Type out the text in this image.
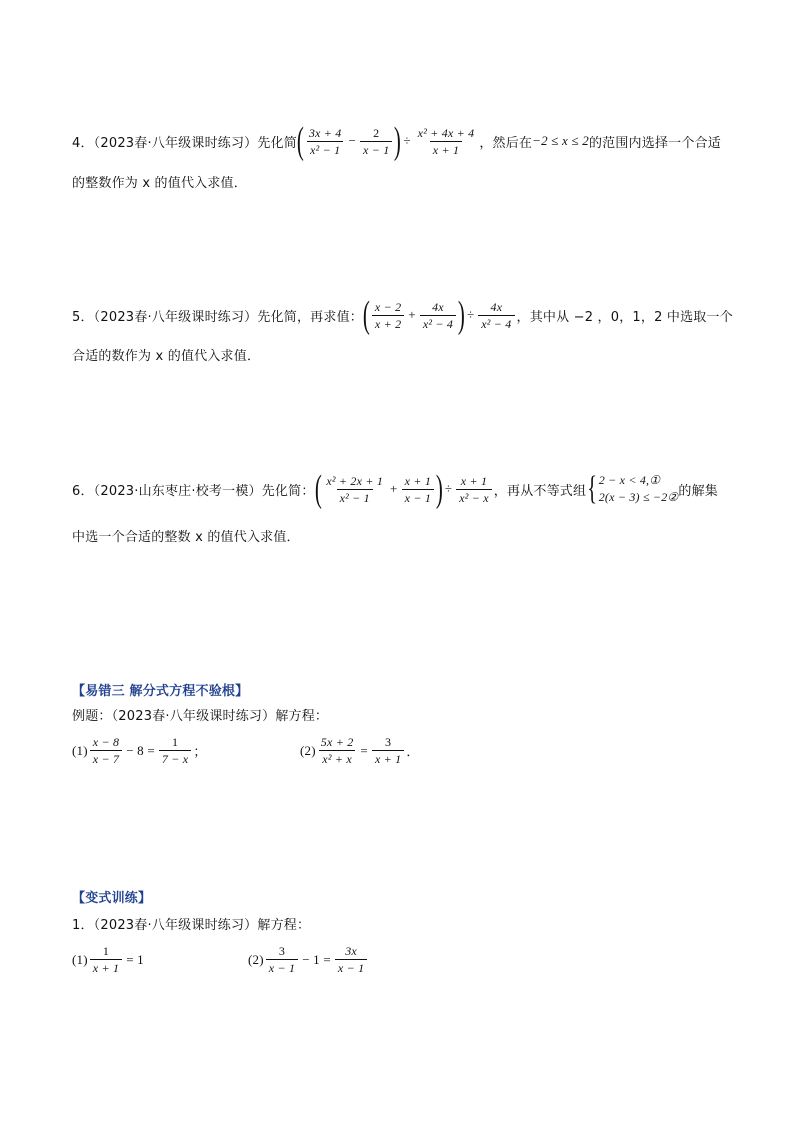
4．（2023春·八年级课时练习）先化简 ( $\frac{3x + 4}{\text{x² − 1}} - \frac{2}{x - 1}$ ) ÷ $\frac{\text{x² + 4x + 4}}{x + 1}$ ，然后在 −2 ≤ x ≤ 2 的范围内选择一个合适
的整数作为 x 的值代入求值．
5．（2023春·八年级课时练习）先化简，再求值： ( $\frac{x - 2}{x + 2} + \frac{4x}{\text{x² − 4}}$ ) ÷ $\frac{4x}{\text{x² − 4}}$ ，其中从 −2 ，0，1，2 中选取一个
合适的数作为 x 的值代入求值．
6．（2023·山东枣庄·校考一模）先化简： ( $\frac{\text{x² + 2x + 1}}{\text{x² − 1}} + \frac{x + 1}{x - 1}$ ) ÷ $\frac{x + 1}{\text{x² − x}}$ ，再从不等式组 { 2 − x < 4,①
2(x − 3) ≤ −2② 的解集
中选一个合适的整数 x 的值代入求值．
【易错三 解分式方程不验根】
例题：（2023春·八年级课时练习）解方程：
$(1) \frac{x - 8}{x - 7} - 8 = \frac{1}{7 - x}$ ；	$(2) \frac{5x + 2}{\text{x² + x}} = \frac{3}{x + 1}$ ．
【变式训练】
1．（2023春·八年级课时练习）解方程：
$(1) \frac{1}{x + 1} = 1$	$(2) \frac{3}{x - 1} - 1 = \frac{3x}{x - 1}$
